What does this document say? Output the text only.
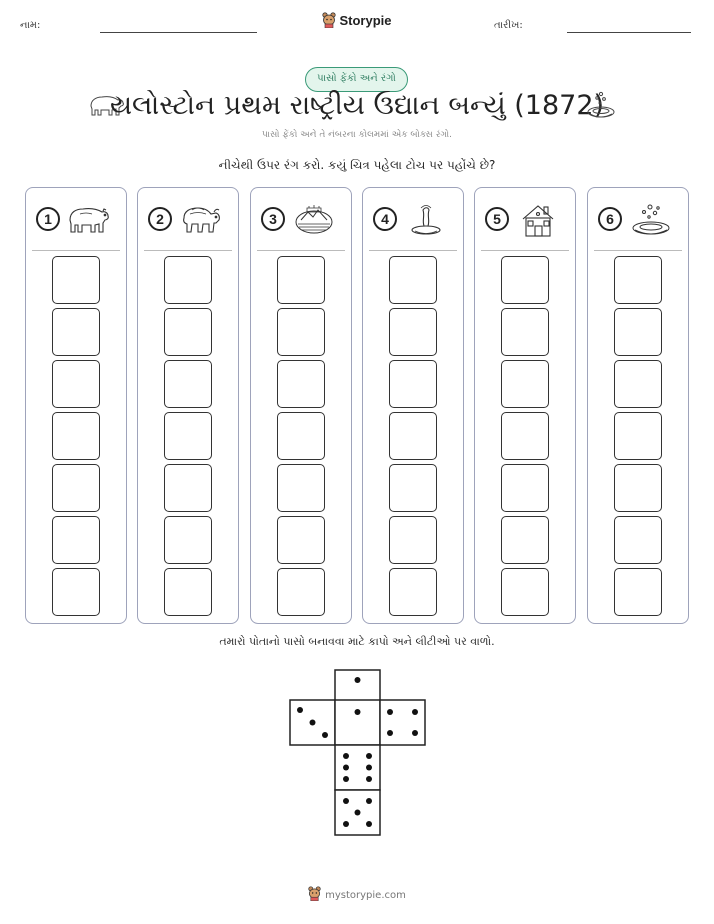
નામ:	Storypie	તારીખ:
પાસો ફેંકો અને રંગો
યલોસ્ટોન પ્રથમ રાષ્ટ્રીય ઉદ્યાન બન્યું (1872)
પાસો ફેંકો અને તે નંબરના કોલમમાં એક બોક્સ રંગો.
નીચેથી ઉપર રંગ કરો. કયું ચિત્ર પહેલા ટોચ પર પહોંચે છે?
1	2	3	4	5	6
તમારો પોતાનો પાસો બનાવવા માટે કાપો અને લીટીઓ પર વાળો.
mystorypie.com
